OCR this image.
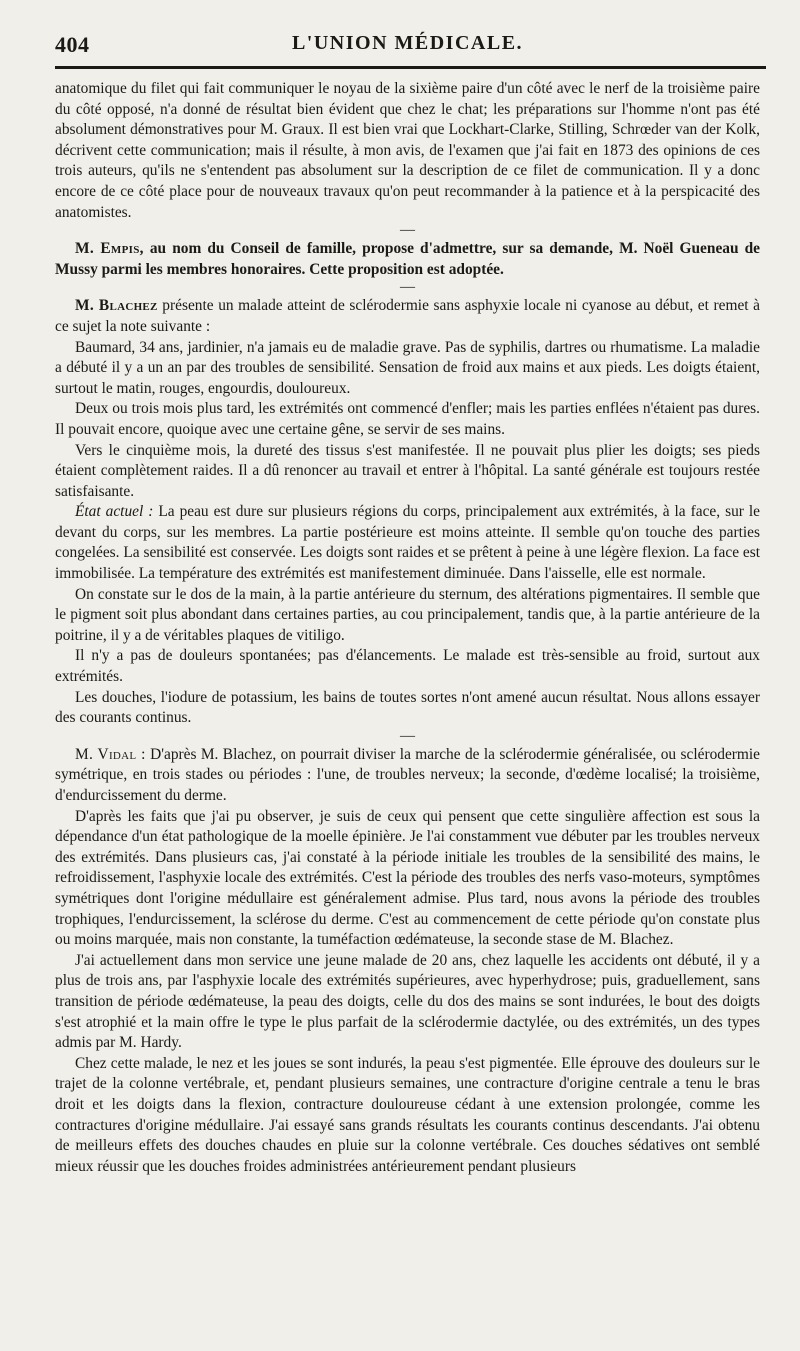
404	L'UNION MÉDICALE.

anatomique du filet qui fait communiquer le noyau de la sixième paire d'un côté avec le nerf de la troisième paire du côté opposé, n'a donné de résultat bien évident que chez le chat; les préparations sur l'homme n'ont pas été absolument démonstratives pour M. Graux. Il est bien vrai que Lockhart-Clarke, Stilling, Schrœder van der Kolk, décrivent cette communication; mais il résulte, à mon avis, de l'examen que j'ai fait en 1873 des opinions de ces trois auteurs, qu'ils ne s'entendent pas absolument sur la description de ce filet de communication. Il y a donc encore de ce côté place pour de nouveaux travaux qu'on peut recommander à la patience et à la perspicacité des anatomistes.

—

M. Empis, au nom du Conseil de famille, propose d'admettre, sur sa demande, M. Noël Gueneau de Mussy parmi les membres honoraires. Cette proposition est adoptée.

—

M. Blachez présente un malade atteint de sclérodermie sans asphyxie locale ni cyanose au début, et remet à ce sujet la note suivante :

Baumard, 34 ans, jardinier, n'a jamais eu de maladie grave. Pas de syphilis, dartres ou rhumatisme. La maladie a débuté il y a un an par des troubles de sensibilité. Sensation de froid aux mains et aux pieds. Les doigts étaient, surtout le matin, rouges, engourdis, douloureux.

Deux ou trois mois plus tard, les extrémités ont commencé d'enfler; mais les parties enflées n'étaient pas dures. Il pouvait encore, quoique avec une certaine gêne, se servir de ses mains.

Vers le cinquième mois, la dureté des tissus s'est manifestée. Il ne pouvait plus plier les doigts; ses pieds étaient complètement raides. Il a dû renoncer au travail et entrer à l'hôpital. La santé générale est toujours restée satisfaisante.

État actuel : La peau est dure sur plusieurs régions du corps, principalement aux extrémités, à la face, sur le devant du corps, sur les membres. La partie postérieure est moins atteinte. Il semble qu'on touche des parties congelées. La sensibilité est conservée. Les doigts sont raides et se prêtent à peine à une légère flexion. La face est immobilisée. La température des extrémités est manifestement diminuée. Dans l'aisselle, elle est normale.

On constate sur le dos de la main, à la partie antérieure du sternum, des altérations pigmentaires. Il semble que le pigment soit plus abondant dans certaines parties, au cou principalement, tandis que, à la partie antérieure de la poitrine, il y a de véritables plaques de vitiligo.

Il n'y a pas de douleurs spontanées; pas d'élancements. Le malade est très-sensible au froid, surtout aux extrémités.

Les douches, l'iodure de potassium, les bains de toutes sortes n'ont amené aucun résultat. Nous allons essayer des courants continus.

—

M. Vidal : D'après M. Blachez, on pourrait diviser la marche de la sclérodermie généralisée, ou sclérodermie symétrique, en trois stades ou périodes : l'une, de troubles nerveux; la seconde, d'œdème localisé; la troisième, d'endurcissement du derme.

D'après les faits que j'ai pu observer, je suis de ceux qui pensent que cette singulière affection est sous la dépendance d'un état pathologique de la moelle épinière. Je l'ai constamment vue débuter par les troubles nerveux des extrémités. Dans plusieurs cas, j'ai constaté à la période initiale les troubles de la sensibilité des mains, le refroidissement, l'asphyxie locale des extrémités. C'est la période des troubles des nerfs vaso-moteurs, symptômes symétriques dont l'origine médullaire est généralement admise. Plus tard, nous avons la période des troubles trophiques, l'endurcissement, la sclérose du derme. C'est au commencement de cette période qu'on constate plus ou moins marquée, mais non constante, la tuméfaction œdémateuse, la seconde stase de M. Blachez.

J'ai actuellement dans mon service une jeune malade de 20 ans, chez laquelle les accidents ont débuté, il y a plus de trois ans, par l'asphyxie locale des extrémités supérieures, avec hyperhydrose; puis, graduellement, sans transition de période œdémateuse, la peau des doigts, celle du dos des mains se sont indurées, le bout des doigts s'est atrophié et la main offre le type le plus parfait de la sclérodermie dactylée, ou des extrémités, un des types admis par M. Hardy.

Chez cette malade, le nez et les joues se sont indurés, la peau s'est pigmentée. Elle éprouve des douleurs sur le trajet de la colonne vertébrale, et, pendant plusieurs semaines, une contracture d'origine centrale a tenu le bras droit et les doigts dans la flexion, contracture douloureuse cédant à une extension prolongée, comme les contractures d'origine médullaire. J'ai essayé sans grands résultats les courants continus descendants. J'ai obtenu de meilleurs effets des douches chaudes en pluie sur la colonne vertébrale. Ces douches sédatives ont semblé mieux réussir que les douches froides administrées antérieurement pendant plusieurs
